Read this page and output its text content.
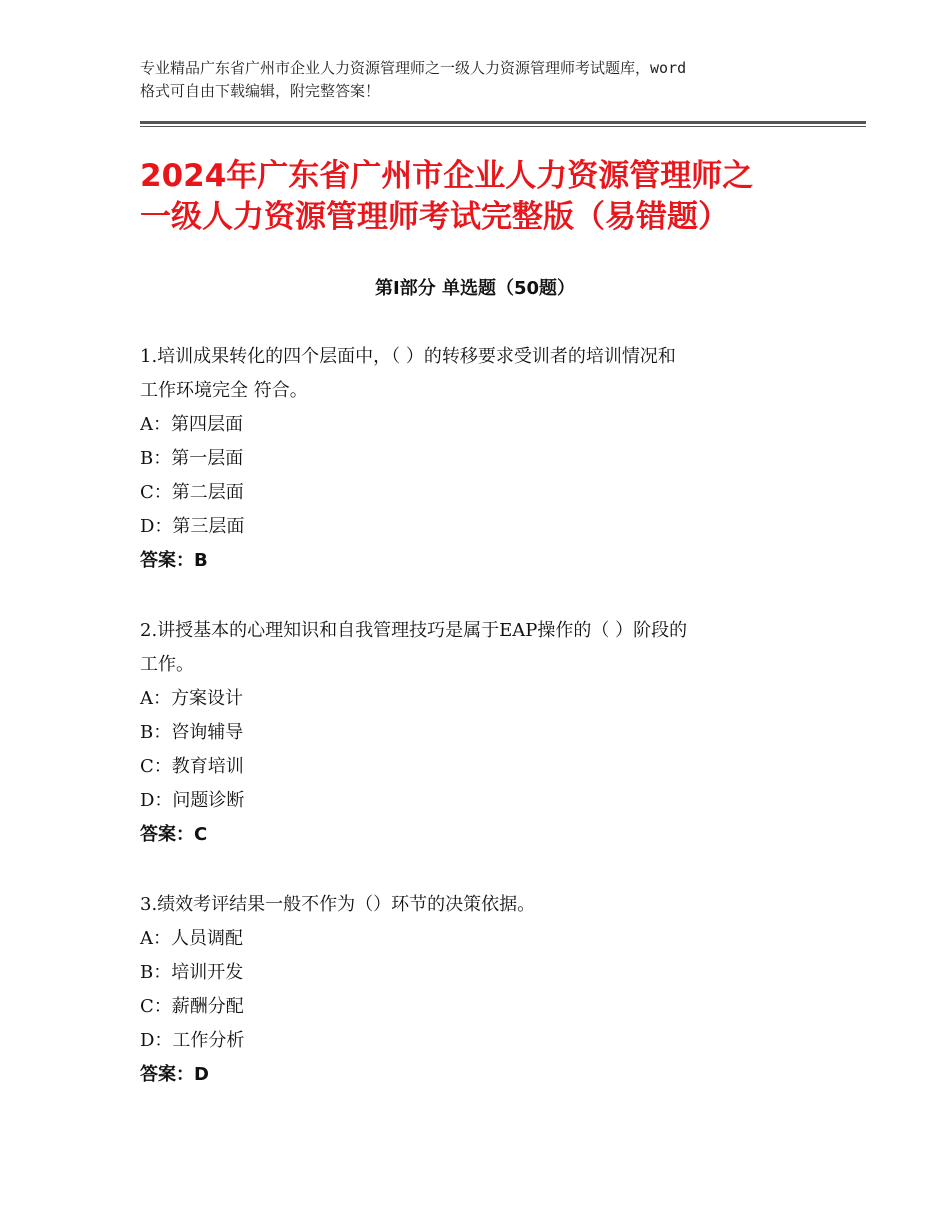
专业精品广东省广州市企业人力资源管理师之一级人力资源管理师考试题库，word
格式可自由下载编辑，附完整答案！
2024年广东省广州市企业人力资源管理师之
一级人力资源管理师考试完整版（易错题）
第Ⅰ部分 单选题（50题）
1.培训成果转化的四个层面中，（ ）的转移要求受训者的培训情况和
工作环境完全 符合。
A：第四层面
B：第一层面
C：第二层面
D：第三层面
答案：B
2.讲授基本的心理知识和自我管理技巧是属于EAP操作的（ ）阶段的
工作。
A：方案设计
B：咨询辅导
C：教育培训
D：问题诊断
答案：C
3.绩效考评结果一般不作为（）环节的决策依据。
A：人员调配
B：培训开发
C：薪酬分配
D：工作分析
答案：D
